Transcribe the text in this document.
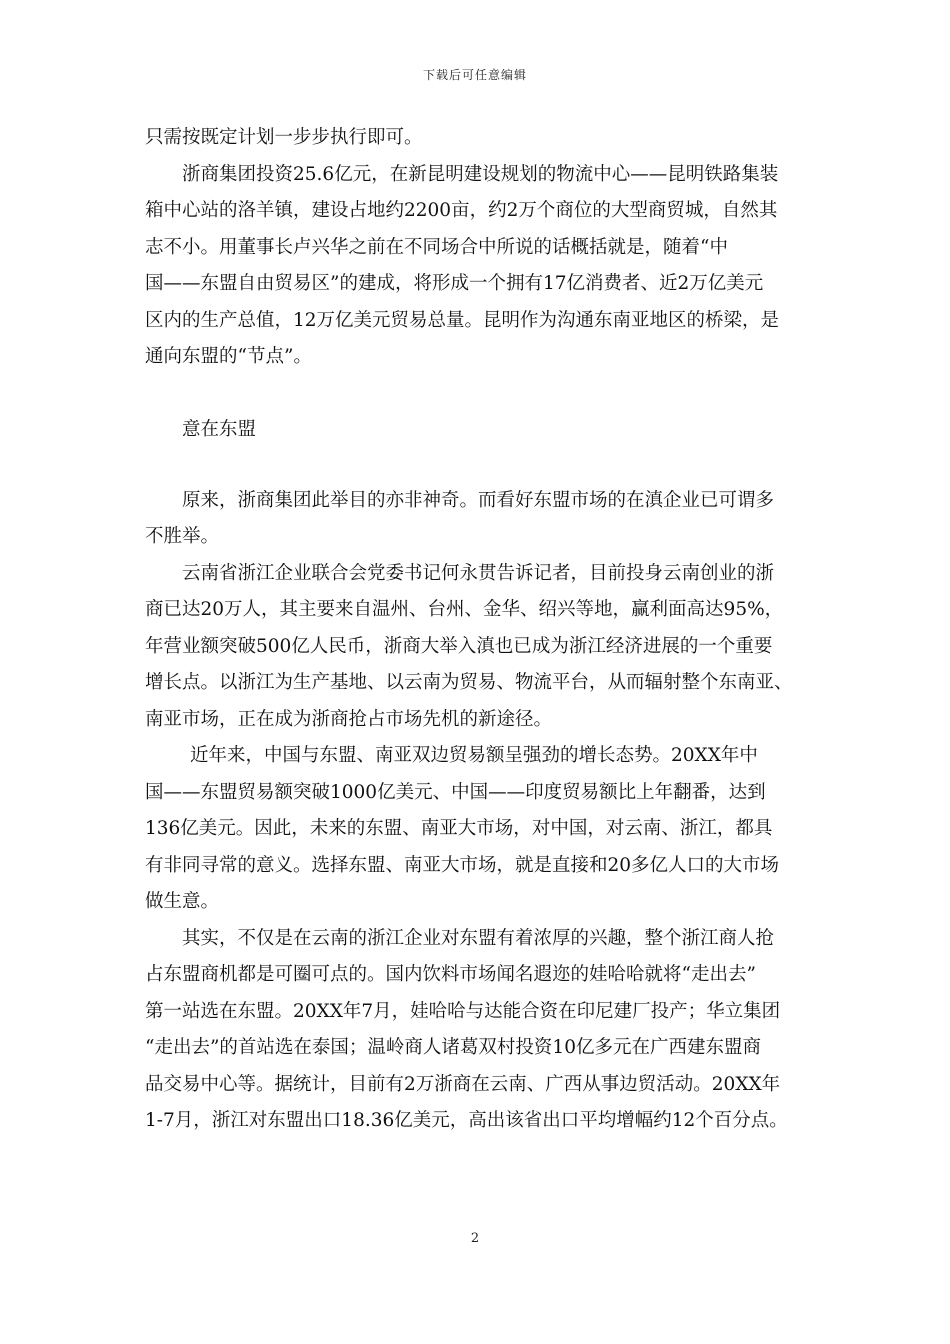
下载后可任意编辑
只需按既定计划一步步执行即可。
浙商集团投资25.6亿元，在新昆明建设规划的物流中心——昆明铁路集装
箱中心站的洛羊镇，建设占地约2200亩，约2万个商位的大型商贸城，自然其
志不小。用董事长卢兴华之前在不同场合中所说的话概括就是，随着“中
国——东盟自由贸易区”的建成，将形成一个拥有17亿消费者、近2万亿美元
区内的生产总值，12万亿美元贸易总量。昆明作为沟通东南亚地区的桥梁，是
通向东盟的“节点”。
意在东盟
原来，浙商集团此举目的亦非神奇。而看好东盟市场的在滇企业已可谓多
不胜举。
云南省浙江企业联合会党委书记何永贯告诉记者，目前投身云南创业的浙
商已达20万人，其主要来自温州、台州、金华、绍兴等地，赢利面高达95%，
年营业额突破500亿人民币，浙商大举入滇也已成为浙江经济进展的一个重要
增长点。以浙江为生产基地、以云南为贸易、物流平台，从而辐射整个东南亚、
南亚市场，正在成为浙商抢占市场先机的新途径。
近年来，中国与东盟、南亚双边贸易额呈强劲的增长态势。20XX年中
国——东盟贸易额突破1000亿美元、中国——印度贸易额比上年翻番，达到
136亿美元。因此，未来的东盟、南亚大市场，对中国，对云南、浙江，都具
有非同寻常的意义。选择东盟、南亚大市场，就是直接和20多亿人口的大市场
做生意。
其实，不仅是在云南的浙江企业对东盟有着浓厚的兴趣，整个浙江商人抢
占东盟商机都是可圈可点的。国内饮料市场闻名遐迩的娃哈哈就将“走出去”
第一站选在东盟。20XX年7月，娃哈哈与达能合资在印尼建厂投产；华立集团
“走出去”的首站选在泰国；温岭商人诸葛双村投资10亿多元在广西建东盟商
品交易中心等。据统计，目前有2万浙商在云南、广西从事边贸活动。20XX年
1-7月，浙江对东盟出口18.36亿美元，高出该省出口平均增幅约12个百分点。
2
